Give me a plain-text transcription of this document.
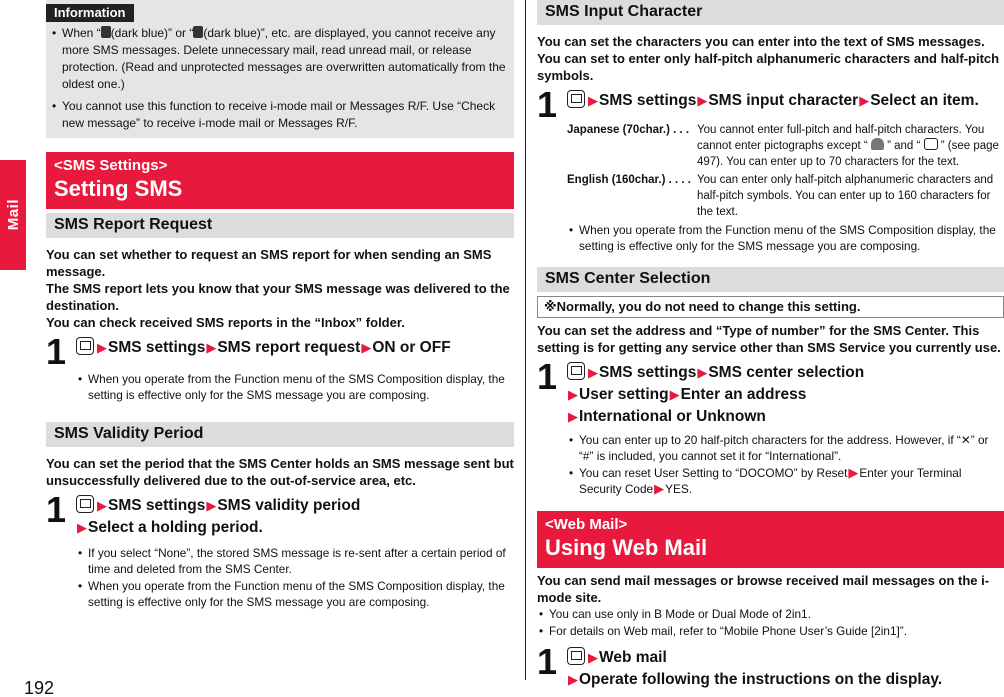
Mail
192
Information
• When “ (dark blue)” or “ (dark blue)”, etc. are displayed, you cannot receive any more SMS messages. Delete unnecessary mail, read unread mail, or release protection. (Read and unprotected messages are overwritten automatically from the oldest one.)
• You cannot use this function to receive i-mode mail or Messages R/F. Use “Check new message” to receive i-mode mail or Messages R/F.
<SMS Settings>
Setting SMS
SMS Report Request
You can set whether to request an SMS report for when sending an SMS message.
The SMS report lets you know that your SMS message was delivered to the destination.
You can check received SMS reports in the “Inbox” folder.
1	▶SMS settings▶SMS report request▶ON or OFF
• When you operate from the Function menu of the SMS Composition display, the setting is effective only for the SMS message you are composing.
SMS Validity Period
You can set the period that the SMS Center holds an SMS message sent but unsuccessfully delivered due to the out-of-service area, etc.
1	▶SMS settings▶SMS validity period
▶Select a holding period.
• If you select “None”, the stored SMS message is re-sent after a certain period of time and deleted from the SMS Center.
• When you operate from the Function menu of the SMS Composition display, the setting is effective only for the SMS message you are composing.
SMS Input Character
You can set the characters you can enter into the text of SMS messages. You can set to enter only half-pitch alphanumeric characters and half-pitch symbols.
1	▶SMS settings▶SMS input character▶Select an item.
Japanese (70char.) . . . You cannot enter full-pitch and half-pitch characters. You cannot enter pictographs except “  ” and “  ” (see page 497). You can enter up to 70 characters for the text.
English (160char.) . . . . You can enter only half-pitch alphanumeric characters and half-pitch symbols. You can enter up to 160 characters for the text.
• When you operate from the Function menu of the SMS Composition display, the setting is effective only for the SMS message you are composing.
SMS Center Selection
※Normally, you do not need to change this setting.
You can set the address and “Type of number” for the SMS Center. This setting is for getting any service other than SMS Service you currently use.
1	▶SMS settings▶SMS center selection
▶User setting▶Enter an address
▶International or Unknown
• You can enter up to 20 half-pitch characters for the address. However, if “✕” or “#” is included, you cannot set it for “International”.
• You can reset User Setting to “DOCOMO” by Reset▶Enter your Terminal Security Code▶YES.
<Web Mail>
Using Web Mail
You can send mail messages or browse received mail messages on the i-mode site.
• You can use only in B Mode or Dual Mode of 2in1.
• For details on Web mail, refer to “Mobile Phone User’s Guide [2in1]”.
1	▶Web mail
▶Operate following the instructions on the display.
